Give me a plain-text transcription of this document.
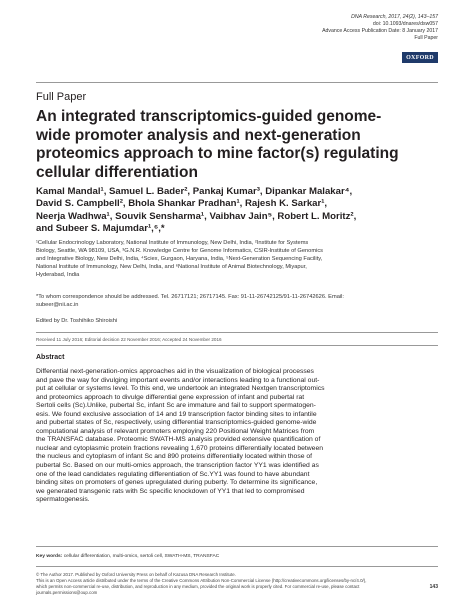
DNA Research, 2017, 24(2), 143–157
doi: 10.1093/dnares/dsw057
Advance Access Publication Date: 8 January 2017
Full Paper
OXFORD
Full Paper
An integrated transcriptomics-guided genome-
wide promoter analysis and next-generation
proteomics approach to mine factor(s) regulating
cellular differentiation
Kamal Mandal¹, Samuel L. Bader², Pankaj Kumar³, Dipankar Malakar⁴,
David S. Campbell², Bhola Shankar Pradhan¹, Rajesh K. Sarkar¹,
Neerja Wadhwa¹, Souvik Sensharma¹, Vaibhav Jain⁵, Robert L. Moritz²,
and Subeer S. Majumdar¹,⁶,*
¹Cellular Endocrinology Laboratory, National Institute of Immunology, New Delhi, India, ²Institute for Systems
Biology, Seattle, WA 98109, USA, ³G.N.R. Knowledge Centre for Genome Informatics, CSIR-Institute of Genomics
and Integrative Biology, New Delhi, India, ⁴Sciex, Gurgaon, Haryana, India, ⁵Next-Generation Sequencing Facility,
National Institute of Immunology, New Delhi, India, and ⁶National Institute of Animal Biotechnology, Miyapur,
Hyderabad, India
*To whom correspondence should be addressed. Tel. 26717121; 26717145. Fax: 91-11-26742125/91-11-26742626. Email:
subeer@nii.ac.in
Edited by Dr. Toshihiko Shiroishi
Received 11 July 2016; Editorial decision 22 November 2016; Accepted 24 November 2016
Abstract
Differential next-generation-omics approaches aid in the visualization of biological processes
and pave the way for divulging important events and/or interactions leading to a functional out-
put at cellular or systems level. To this end, we undertook an integrated Nextgen transcriptomics
and proteomics approach to divulge differential gene expression of infant and pubertal rat
Sertoli cells (Sc).Unlike, pubertal Sc, infant Sc are immature and fail to support spermatogen-
esis. We found exclusive association of 14 and 19 transcription factor binding sites to infantile
and pubertal states of Sc, respectively, using differential transcriptomics-guided genome-wide
computational analysis of relevant promoters employing 220 Positional Weight Matrices from
the TRANSFAC database. Proteomic SWATH-MS analysis provided extensive quantification of
nuclear and cytoplasmic protein fractions revealing 1,670 proteins differentially located between
the nucleus and cytoplasm of infant Sc and 890 proteins differentially located within those of
pubertal Sc. Based on our multi-omics approach, the transcription factor YY1 was identified as
one of the lead candidates regulating differentiation of Sc.YY1 was found to have abundant
binding sites on promoters of genes upregulated during puberty. To determine its significance,
we generated transgenic rats with Sc specific knockdown of YY1 that led to compromised
spermatogenesis.
Key words: cellular differentiation, multi-omics, sertoli cell, SWATH-MS, TRANSFAC
© The Author 2017. Published by Oxford University Press on behalf of Kazusa DNA Research Institute.
This is an Open Access article distributed under the terms of the Creative Commons Attribution Non-Commercial License (http://creativecommons.org/licenses/by-nc/4.0/),
which permits non-commercial re-use, distribution, and reproduction in any medium, provided the original work is properly cited. For commercial re-use, please contact
journals.permissions@oup.com
143
